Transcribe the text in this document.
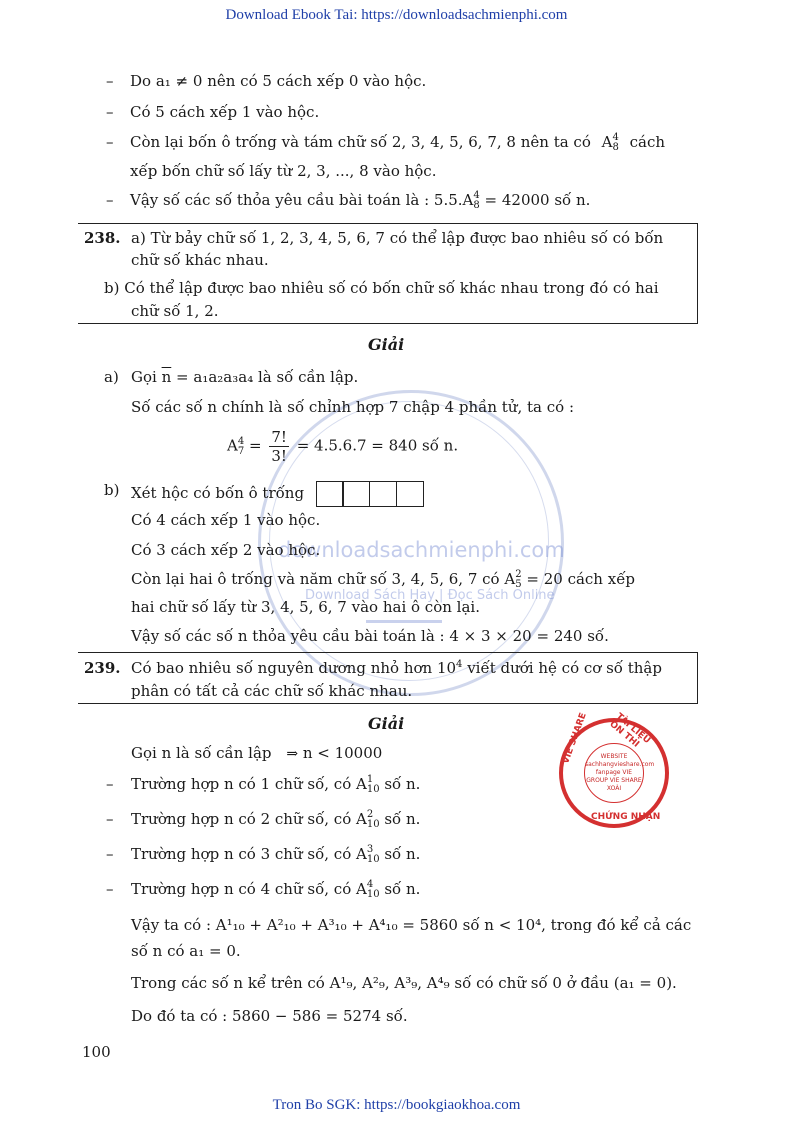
Download Ebook Tai: https://downloadsachmienphi.com
downloadsachmienphi.com
Download Sách Hay | Đọc Sách Online
– Do a₁ ≠ 0 nên có 5 cách xếp 0 vào hộc.
– Có 5 cách xếp 1 vào hộc.
– Còn lại bốn ô trống và tám chữ số 2, 3, 4, 5, 6, 7, 8 nên ta có A 4
8 cách
xếp bốn chữ số lấy từ 2, 3, ..., 8 vào hộc.
– Vậy số các số thỏa yêu cầu bài toán là : 5.5.A 4
8 = 42000 số n.
238. a) Từ bảy chữ số 1, 2, 3, 4, 5, 6, 7 có thể lập được bao nhiêu số có bốn
chữ số khác nhau.
b) Có thể lập được bao nhiêu số có bốn chữ số khác nhau trong đó có hai
chữ số 1, 2.
Giải
a) Gọi $\overline{n} = a_1a_2a_3a_4$ là số cần lập.
Số các số n chính là số chỉnh hợp 7 chập 4 phần tử, ta có :
A 4
$7 = \frac{7!}{3!} = 4.5.6.7 = 840$ số n.
b) Xét hộc có bốn ô trống
Có 4 cách xếp 1 vào hộc.
Có 3 cách xếp 2 vào hộc.
Còn lại hai ô trống và năm chữ số 3, 4, 5, 6, 7 có A 2
5 = 20 cách xếp
hai chữ số lấy từ 3, 4, 5, 6, 7 vào hai ô còn lại.
Vậy số các số n thỏa yêu cầu bài toán là : 4 × 3 × 20 = 240 số.
239. Có bao nhiêu số nguyên dương nhỏ hơn $10^4$ viết dưới hệ có cơ số thập
phân có tất cả các chữ số khác nhau.
Giải
Gọi n là số cần lập ⇒ n < 10000
– Trường hợp n có 1 chữ số, có A 1
10 số n.
– Trường hợp n có 2 chữ số, có A 2
10 số n.
– Trường hợp n có 3 chữ số, có A 3
10 số n.
– Trường hợp n có 4 chữ số, có A 4
10 số n.
Vậy ta có : A¹₁₀ + A²₁₀ + A³₁₀ + A⁴₁₀ = 5860 số n < 10⁴, trong đó kể cả các
số n có a₁ = 0.
Trong các số n kể trên có A¹₉, A²₉, A³₉, A⁴₉ số có chữ số 0 ở đầu (a₁ = 0).
Do đó ta có : 5860 − 586 = 5274 số.
WEBSITE
sachhangvieshare.com
fanpage VIE
GROUP VIE SHARE
XOÀI
VIE SHARE	TÀI LIỆU ÔN THI
CHỨNG NHẬN
100
Tron Bo SGK: https://bookgiaokhoa.com
